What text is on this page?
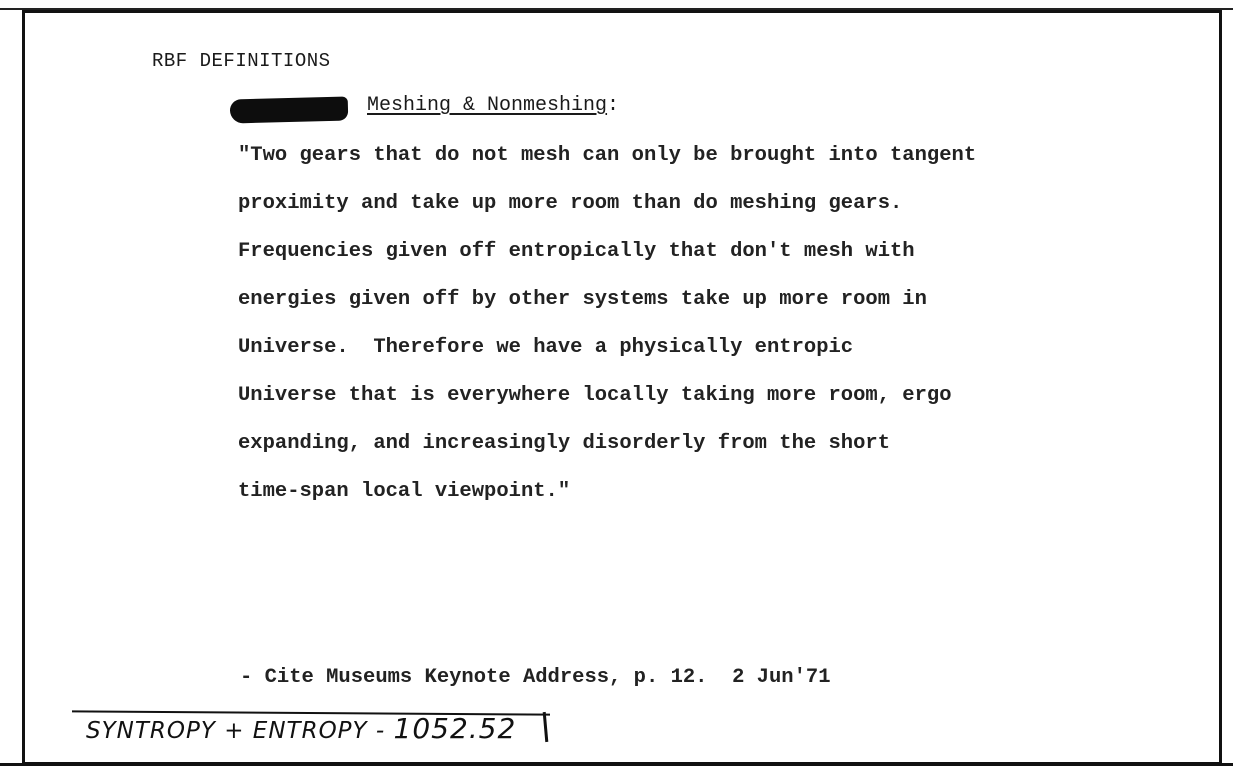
RBF DEFINITIONS
Meshing & Nonmeshing:
"Two gears that do not mesh can only be brought into tangent
proximity and take up more room than do meshing gears.
Frequencies given off entropically that don't mesh with
energies given off by other systems take up more room in
Universe.  Therefore we have a physically entropic
Universe that is everywhere locally taking more room, ergo
expanding, and increasingly disorderly from the short
time-span local viewpoint."
- Cite Museums Keynote Address, p. 12.  2 Jun'71
SYNTROPY + ENTROPY - 1052.52
